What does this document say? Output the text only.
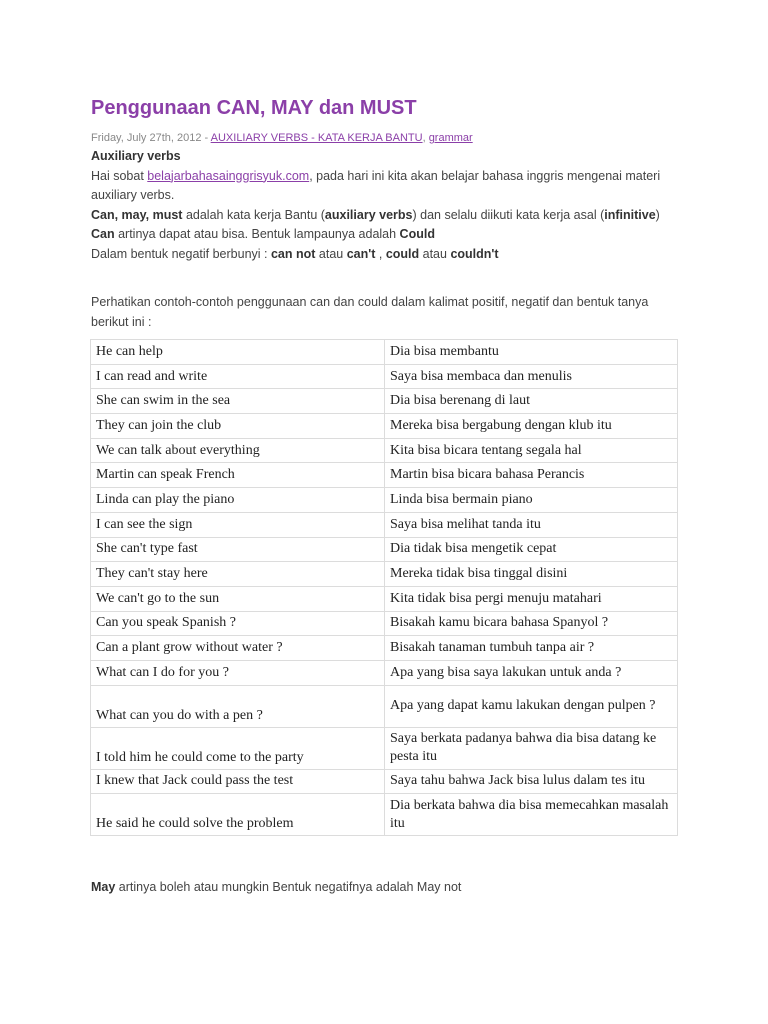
Penggunaan CAN, MAY dan MUST
Friday, July 27th, 2012 - AUXILIARY VERBS - KATA KERJA BANTU, grammar
Auxiliary verbs
Hai sobat belajarbahasainggrisyuk.com, pada hari ini kita akan belajar bahasa inggris mengenai materi auxiliary verbs.
Can, may, must adalah kata kerja Bantu (auxiliary verbs) dan selalu diikuti kata kerja asal (infinitive)
Can artinya dapat atau bisa. Bentuk lampaunya adalah Could
Dalam bentuk negatif berbunyi : can not atau can't , could atau couldn't
Perhatikan contoh-contoh penggunaan can dan could dalam kalimat positif, negatif dan bentuk tanya berikut ini :
He can help	Dia bisa membantu
I can read and write	Saya bisa membaca dan menulis
She can swim in the sea	Dia bisa berenang di laut
They can join the club	Mereka bisa bergabung dengan klub itu
We can talk about everything	Kita bisa bicara tentang segala hal
Martin can speak French	Martin bisa bicara bahasa Perancis
Linda can play the piano	Linda bisa bermain piano
I can see the sign	Saya bisa melihat tanda itu
She can't type fast	Dia tidak bisa mengetik cepat
They can't stay here	Mereka tidak bisa tinggal disini
We can't go to the sun	Kita tidak bisa pergi menuju matahari
Can you speak Spanish ?	Bisakah kamu bicara bahasa Spanyol ?
Can a plant grow without water ?	Bisakah tanaman tumbuh tanpa air ?
What can I do for you ?	Apa yang bisa saya lakukan untuk anda ?
What can you do with a pen ?	Apa yang dapat kamu lakukan dengan pulpen ?
I told him he could come to the party	Saya berkata padanya bahwa dia bisa datang ke pesta itu
I knew that Jack could pass the test	Saya tahu bahwa Jack bisa lulus dalam tes itu
He said he could solve the problem	Dia berkata bahwa dia bisa memecahkan masalah itu
May artinya boleh atau mungkin Bentuk negatifnya adalah May not
